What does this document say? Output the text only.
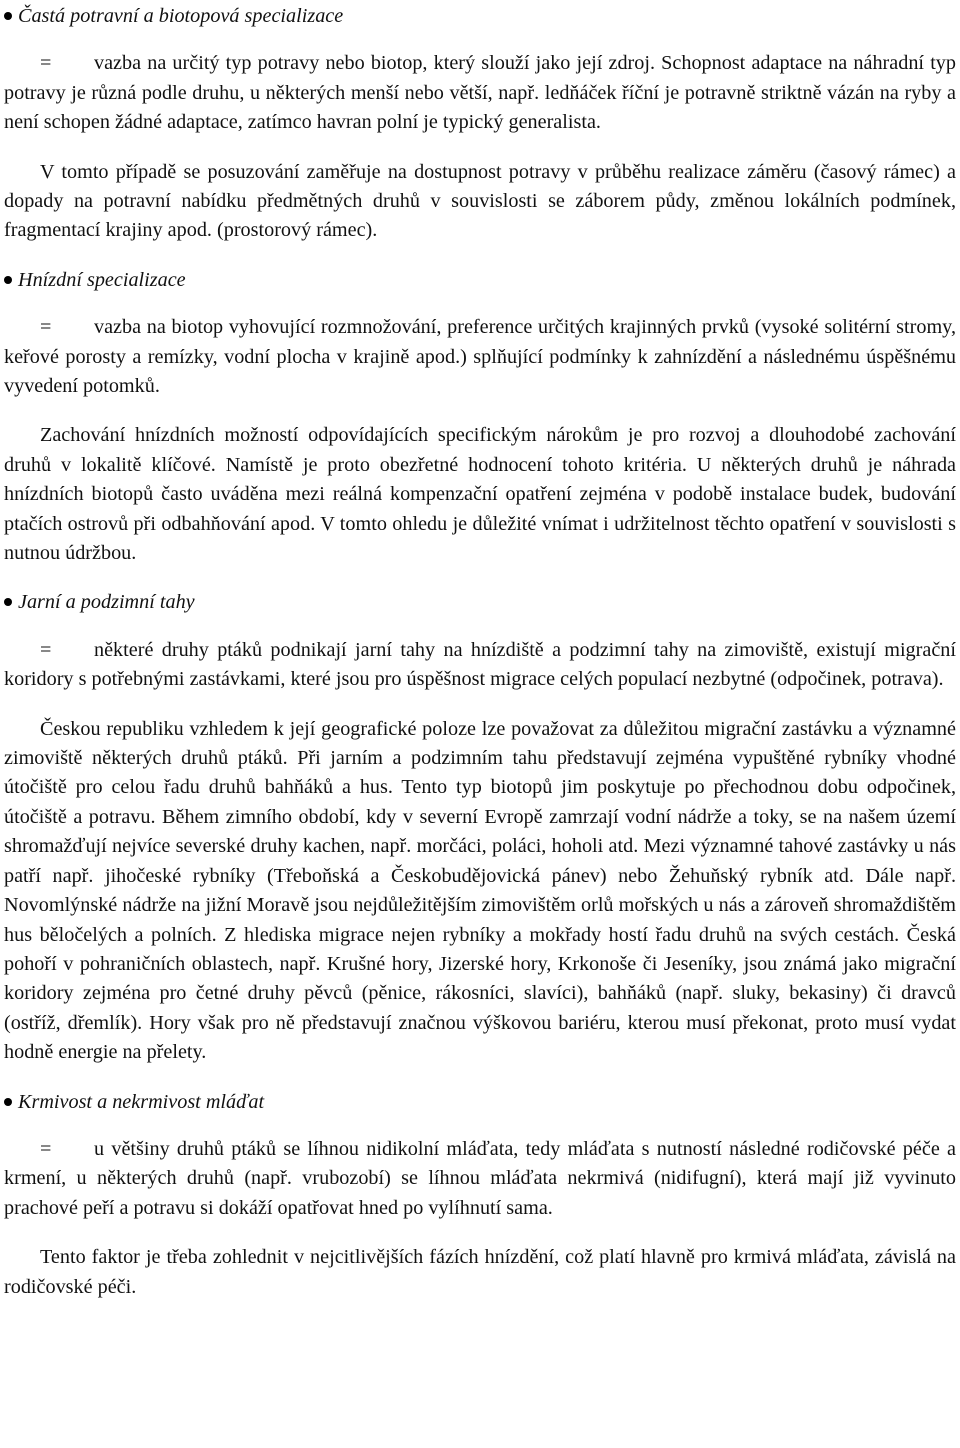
Častá potravní a biotopová specializace

= vazba na určitý typ potravy nebo biotop, který slouží jako její zdroj. Schopnost adaptace na náhradní typ potravy je různá podle druhu, u některých menší nebo větší, např. ledňáček říční je potravně striktně vázán na ryby a není schopen žádné adaptace, zatímco havran polní je typický generalista.

V tomto případě se posuzování zaměřuje na dostupnost potravy v průběhu realizace záměru (časový rámec) a dopady na potravní nabídku předmětných druhů v souvislosti se záborem půdy, změnou lokálních podmínek, fragmentací krajiny apod. (prostorový rámec).

Hnízdní specializace

= vazba na biotop vyhovující rozmnožování, preference určitých krajinných prvků (vysoké solitérní stromy, keřové porosty a remízky, vodní plocha v krajině apod.) splňující podmínky k zahnízdění a následnému úspěšnému vyvedení potomků.

Zachování hnízdních možností odpovídajících specifickým nárokům je pro rozvoj a dlouhodobé zachování druhů v lokalitě klíčové. Namístě je proto obezřetné hodnocení tohoto kritéria. U některých druhů je náhrada hnízdních biotopů často uváděna mezi reálná kompenzační opatření zejména v podobě instalace budek, budování ptačích ostrovů při odbahňování apod. V tomto ohledu je důležité vnímat i udržitelnost těchto opatření v souvislosti s nutnou údržbou.

Jarní a podzimní tahy

= některé druhy ptáků podnikají jarní tahy na hnízdiště a podzimní tahy na zimoviště, existují migrační koridory s potřebnými zastávkami, které jsou pro úspěšnost migrace celých populací nezbytné (odpočinek, potrava).

Českou republiku vzhledem k její geografické poloze lze považovat za důležitou migrační zastávku a významné zimoviště některých druhů ptáků. Při jarním a podzimním tahu představují zejména vypuštěné rybníky vhodné útočiště pro celou řadu druhů bahňáků a hus. Tento typ biotopů jim poskytuje po přechodnou dobu odpočinek, útočiště a potravu. Během zimního období, kdy v severní Evropě zamrzají vodní nádrže a toky, se na našem území shromažďují nejvíce severské druhy kachen, např. morčáci, poláci, hoholi atd. Mezi významné tahové zastávky u nás patří např. jihočeské rybníky (Třeboňská a Českobudějovická pánev) nebo Žehuňský rybník atd. Dále např. Novomlýnské nádrže na jižní Moravě jsou nejdůležitějším zimovištěm orlů mořských u nás a zároveň shromaždištěm hus běločelých a polních. Z hlediska migrace nejen rybníky a mokřady hostí řadu druhů na svých cestách. Česká pohoří v pohraničních oblastech, např. Krušné hory, Jizerské hory, Krkonoše či Jeseníky, jsou známá jako migrační koridory zejména pro četné druhy pěvců (pěnice, rákosníci, slavíci), bahňáků (např. sluky, bekasiny) či dravců (ostříž, dřemlík). Hory však pro ně představují značnou výškovou bariéru, kterou musí překonat, proto musí vydat hodně energie na přelety.

Krmivost a nekrmivost mláďat

= u většiny druhů ptáků se líhnou nidikolní mláďata, tedy mláďata s nutností následné rodičovské péče a krmení, u některých druhů (např. vrubozobí) se líhnou mláďata nekrmivá (nidifugní), která mají již vyvinuto prachové peří a potravu si dokáží opatřovat hned po vylíhnutí sama.

Tento faktor je třeba zohlednit v nejcitlivějších fázích hnízdění, což platí hlavně pro krmivá mláďata, závislá na rodičovské péči.
